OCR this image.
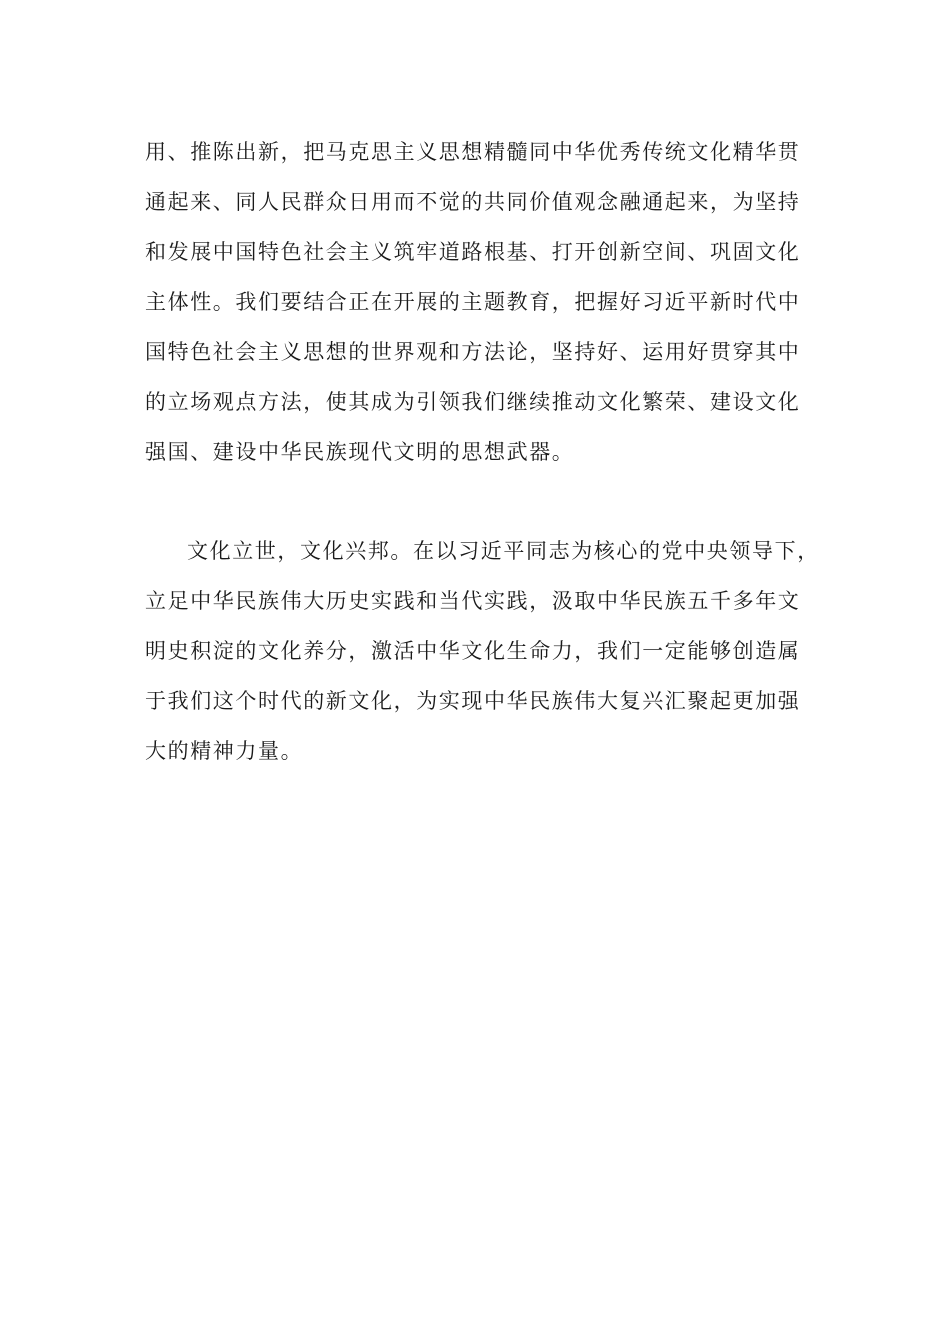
用、推陈出新，把马克思主义思想精髓同中华优秀传统文化精华贯
通起来、同人民群众日用而不觉的共同价值观念融通起来，为坚持
和发展中国特色社会主义筑牢道路根基、打开创新空间、巩固文化
主体性。我们要结合正在开展的主题教育，把握好习近平新时代中
国特色社会主义思想的世界观和方法论，坚持好、运用好贯穿其中
的立场观点方法，使其成为引领我们继续推动文化繁荣、建设文化
强国、建设中华民族现代文明的思想武器。
文化立世，文化兴邦。在以习近平同志为核心的党中央领导下，
立足中华民族伟大历史实践和当代实践，汲取中华民族五千多年文
明史积淀的文化养分，激活中华文化生命力，我们一定能够创造属
于我们这个时代的新文化，为实现中华民族伟大复兴汇聚起更加强
大的精神力量。
